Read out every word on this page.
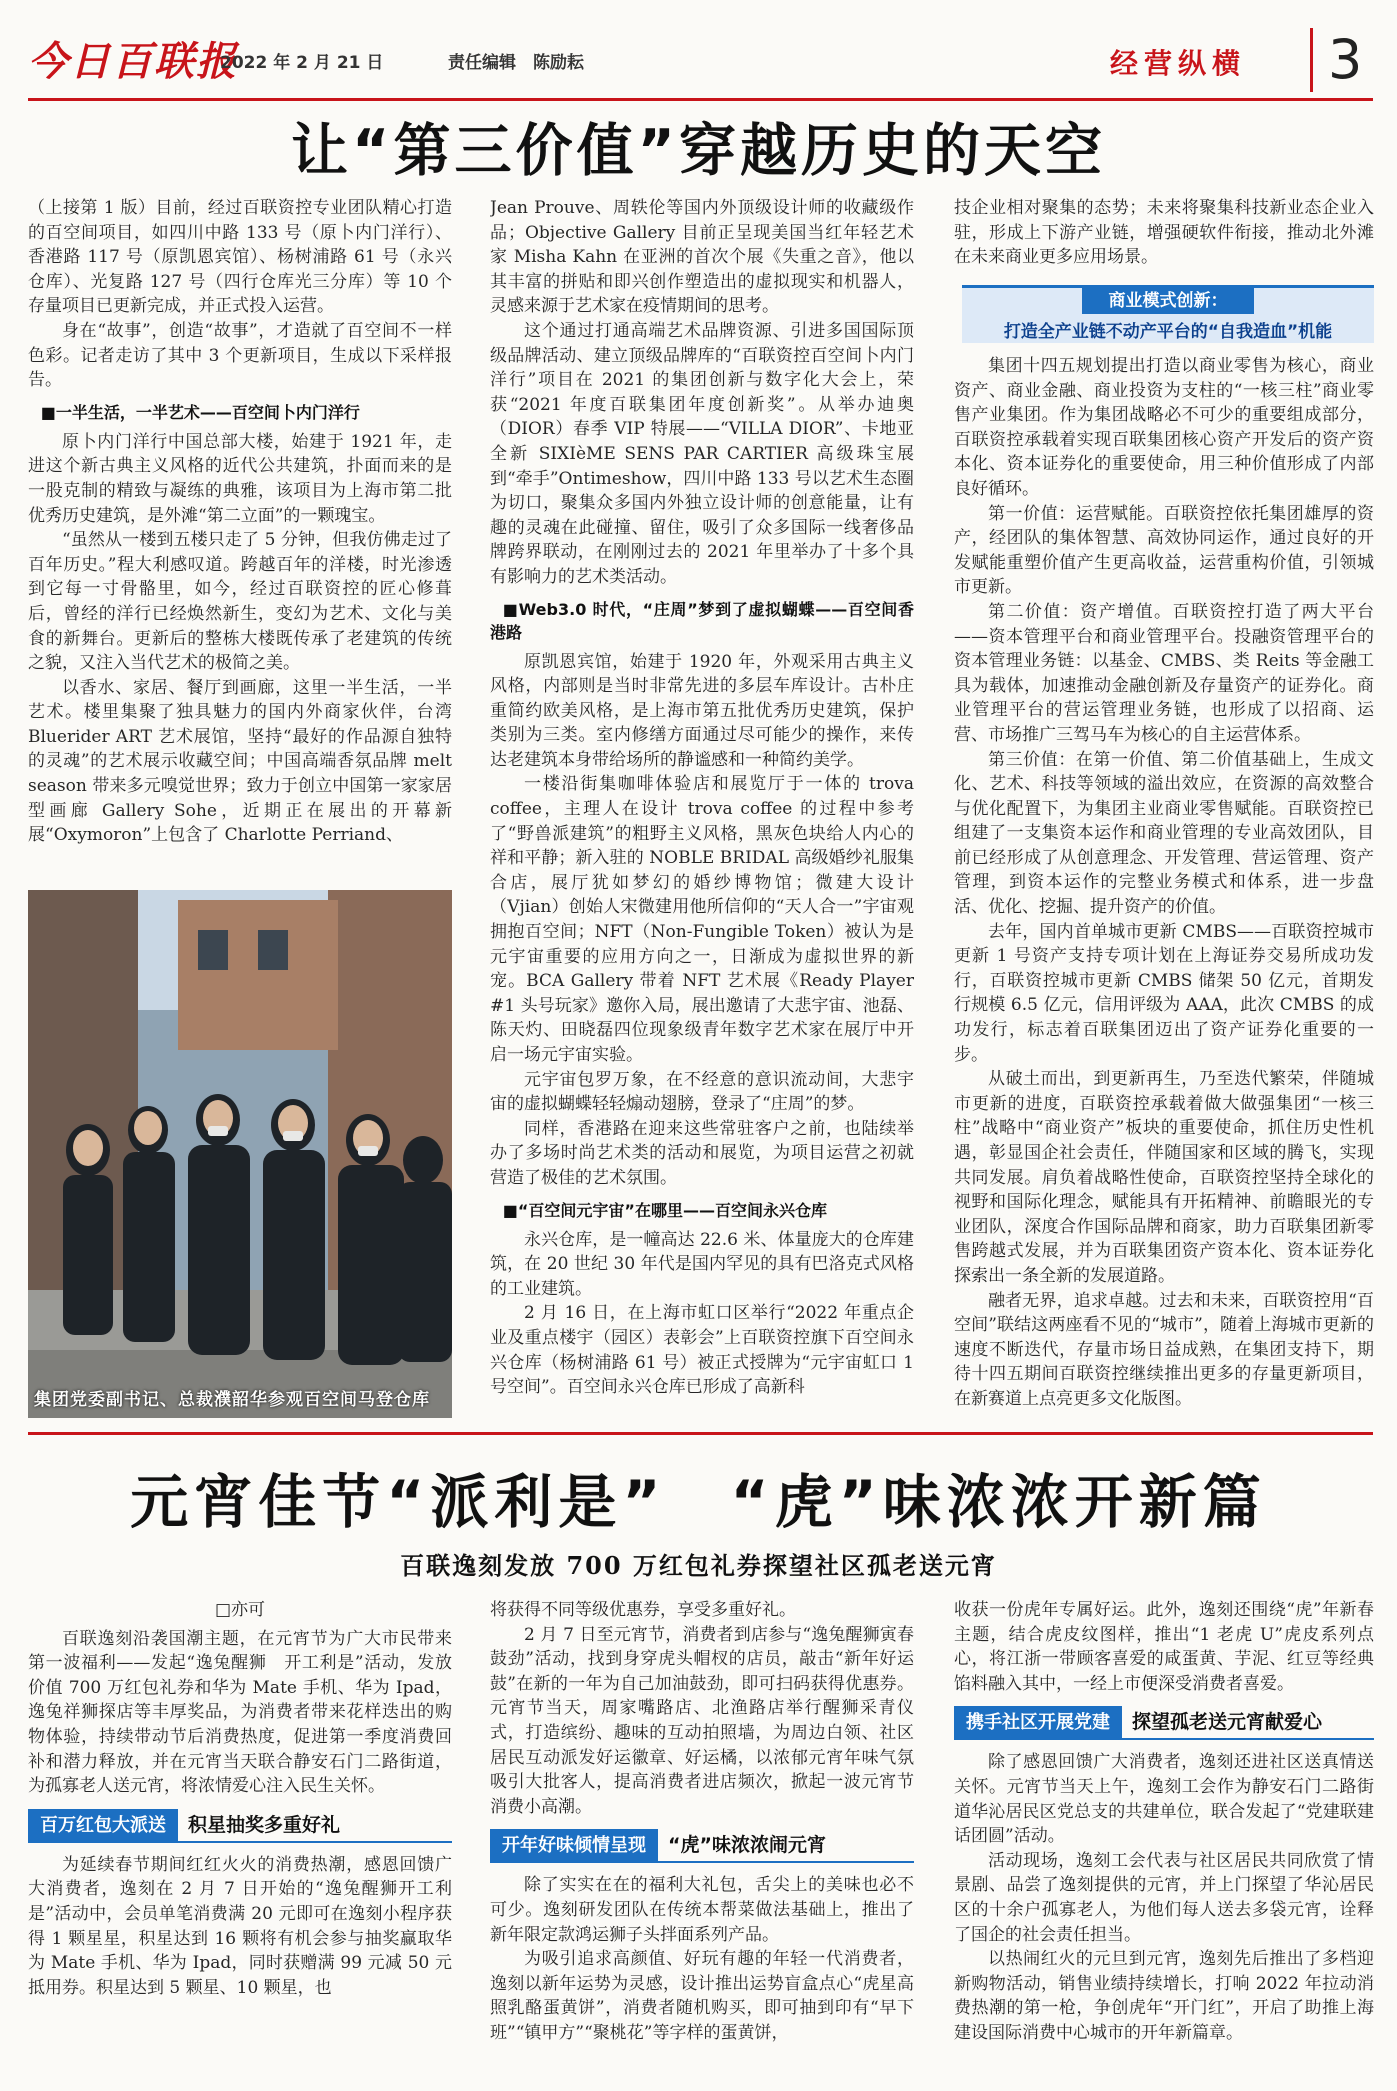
今日百联报
2022 年 2 月 21 日	责任编辑　陈励耘	经营纵横 3
让“第三价值”穿越历史的天空

（上接第 1 版）目前，经过百联资控专业团队精心打造的百空间项目，如四川中路 133 号（原卜内门洋行）、香港路 117 号（原凯恩宾馆）、杨树浦路 61 号（永兴仓库）、光复路 127 号（四行仓库光三分库）等 10 个存量项目已更新完成，并正式投入运营。

身在“故事”，创造“故事”，才造就了百空间不一样色彩。记者走访了其中 3 个更新项目，生成以下采样报告。

■一半生活，一半艺术——百空间卜内门洋行

原卜内门洋行中国总部大楼，始建于 1921 年，走进这个新古典主义风格的近代公共建筑，扑面而来的是一股克制的精致与凝练的典雅，该项目为上海市第二批优秀历史建筑，是外滩“第二立面”的一颗瑰宝。

“虽然从一楼到五楼只走了 5 分钟，但我仿佛走过了百年历史。”程大利感叹道。跨越百年的洋楼，时光渗透到它每一寸骨骼里，如今，经过百联资控的匠心修葺后，曾经的洋行已经焕然新生，变幻为艺术、文化与美食的新舞台。更新后的整栋大楼既传承了老建筑的传统之貌，又注入当代艺术的极简之美。

以香水、家居、餐厅到画廊，这里一半生活，一半艺术。楼里集聚了独具魅力的国内外商家伙伴，台湾 Bluerider ART 艺术展馆，坚持“最好的作品源自独特的灵魂”的艺术展示收藏空间；中国高端香氛品牌 melt season 带来多元嗅觉世界；致力于创立中国第一家家居型画廊 Gallery Sohe，近期正在展出的开幕新展“Oxymoron”上包含了 Charlotte Perriand、

集团党委副书记、总裁濮韶华参观百空间马登仓库

Jean Prouve、周轶伦等国内外顶级设计师的收藏级作品；Objective Gallery 目前正呈现美国当红年轻艺术家 Misha Kahn 在亚洲的首次个展《失重之音》，他以其丰富的拼贴和即兴创作塑造出的虚拟现实和机器人，灵感来源于艺术家在疫情期间的思考。

这个通过打通高端艺术品牌资源、引进多国国际顶级品牌活动、建立顶级品牌库的“百联资控百空间卜内门洋行”项目在 2021 的集团创新与数字化大会上，荣获“2021 年度百联集团年度创新奖”。从举办迪奥（DIOR）春季 VIP 特展——“VILLA DIOR”、卡地亚全新 SIXIèME SENS PAR CARTIER 高级珠宝展到“牵手”Ontimeshow，四川中路 133 号以艺术生态圈为切口，聚集众多国内外独立设计师的创意能量，让有趣的灵魂在此碰撞、留住，吸引了众多国际一线奢侈品牌跨界联动，在刚刚过去的 2021 年里举办了十多个具有影响力的艺术类活动。

■Web3.0 时代，“庄周”梦到了虚拟蝴蝶——百空间香港路

原凯恩宾馆，始建于 1920 年，外观采用古典主义风格，内部则是当时非常先进的多层车库设计。古朴庄重简约欧美风格，是上海市第五批优秀历史建筑，保护类别为三类。室内修缮方面通过尽可能少的操作，来传达老建筑本身带给场所的静谧感和一种简约美学。

一楼沿街集咖啡体验店和展览厅于一体的 trova coffee，主理人在设计 trova coffee 的过程中参考了“野兽派建筑”的粗野主义风格，黑灰色块给人内心的祥和平静；新入驻的 NOBLE BRIDAL 高级婚纱礼服集合店，展厅犹如梦幻的婚纱博物馆；微建大设计（Vjian）创始人宋微建用他所信仰的“天人合一”宇宙观拥抱百空间；NFT（Non-Fungible Token）被认为是元宇宙重要的应用方向之一，日渐成为虚拟世界的新宠。BCA Gallery 带着 NFT 艺术展《Ready Player #1 头号玩家》邀你入局，展出邀请了大悲宇宙、池磊、陈天灼、田晓磊四位现象级青年数字艺术家在展厅中开启一场元宇宙实验。

元宇宙包罗万象，在不经意的意识流动间，大悲宇宙的虚拟蝴蝶轻轻煽动翅膀，登录了“庄周”的梦。

同样，香港路在迎来这些常驻客户之前，也陆续举办了多场时尚艺术类的活动和展览，为项目运营之初就营造了极佳的艺术氛围。

■“百空间元宇宙”在哪里——百空间永兴仓库

永兴仓库，是一幢高达 22.6 米、体量庞大的仓库建筑，在 20 世纪 30 年代是国内罕见的具有巴洛克式风格的工业建筑。

2 月 16 日，在上海市虹口区举行“2022 年重点企业及重点楼宇（园区）表彰会”上百联资控旗下百空间永兴仓库（杨树浦路 61 号）被正式授牌为“元宇宙虹口 1 号空间”。百空间永兴仓库已形成了高新科

技企业相对聚集的态势；未来将聚集科技新业态企业入驻，形成上下游产业链，增强硬软件衔接，推动北外滩在未来商业更多应用场景。

商业模式创新：
打造全产业链不动产平台的“自我造血”机能

集团十四五规划提出打造以商业零售为核心，商业资产、商业金融、商业投资为支柱的“一核三柱”商业零售产业集团。作为集团战略必不可少的重要组成部分，百联资控承载着实现百联集团核心资产开发后的资产资本化、资本证券化的重要使命，用三种价值形成了内部良好循环。

第一价值：运营赋能。百联资控依托集团雄厚的资产，经团队的集体智慧、高效协同运作，通过良好的开发赋能重塑价值产生更高收益，运营重构价值，引领城市更新。

第二价值：资产增值。百联资控打造了两大平台——资本管理平台和商业管理平台。投融资管理平台的资本管理业务链：以基金、CMBS、类 Reits 等金融工具为载体，加速推动金融创新及存量资产的证券化。商业管理平台的营运管理业务链，也形成了以招商、运营、市场推广三驾马车为核心的自主运营体系。

第三价值：在第一价值、第二价值基础上，生成文化、艺术、科技等领域的溢出效应，在资源的高效整合与优化配置下，为集团主业商业零售赋能。百联资控已组建了一支集资本运作和商业管理的专业高效团队，目前已经形成了从创意理念、开发管理、营运管理、资产管理，到资本运作的完整业务模式和体系，进一步盘活、优化、挖掘、提升资产的价值。

去年，国内首单城市更新 CMBS——百联资控城市更新 1 号资产支持专项计划在上海证券交易所成功发行，百联资控城市更新 CMBS 储架 50 亿元，首期发行规模 6.5 亿元，信用评级为 AAA，此次 CMBS 的成功发行，标志着百联集团迈出了资产证券化重要的一步。

从破土而出，到更新再生，乃至迭代繁荣，伴随城市更新的进度，百联资控承载着做大做强集团“一核三柱”战略中“商业资产”板块的重要使命，抓住历史性机遇，彰显国企社会责任，伴随国家和区域的腾飞，实现共同发展。肩负着战略性使命，百联资控坚持全球化的视野和国际化理念，赋能具有开拓精神、前瞻眼光的专业团队，深度合作国际品牌和商家，助力百联集团新零售跨越式发展，并为百联集团资产资本化、资本证券化探索出一条全新的发展道路。

融者无界，追求卓越。过去和未来，百联资控用“百空间”联结这两座看不见的“城市”，随着上海城市更新的速度不断迭代，存量市场日益成熟，在集团支持下，期待十四五期间百联资控继续推出更多的存量更新项目，在新赛道上点亮更多文化版图。

元宵佳节“派利是”　“虎”味浓浓开新篇
百联逸刻发放 700 万红包礼券探望社区孤老送元宵
□亦可

百联逸刻沿袭国潮主题，在元宵节为广大市民带来第一波福利——发起“逸兔醒狮　开工利是”活动，发放价值 700 万红包礼券和华为 Mate 手机、华为 Ipad，逸兔祥狮探店等丰厚奖品，为消费者带来花样迭出的购物体验，持续带动节后消费热度，促进第一季度消费回补和潜力释放，并在元宵当天联合静安石门二路街道，为孤寡老人送元宵，将浓情爱心注入民生关怀。

百万红包大派送	积星抽奖多重好礼

为延续春节期间红红火火的消费热潮，感恩回馈广大消费者，逸刻在 2 月 7 日开始的“逸兔醒狮开工利是”活动中，会员单笔消费满 20 元即可在逸刻小程序获得 1 颗星星，积星达到 16 颗将有机会参与抽奖赢取华为 Mate 手机、华为 Ipad，同时获赠满 99 元减 50 元抵用券。积星达到 5 颗星、10 颗星，也

将获得不同等级优惠券，享受多重好礼。

2 月 7 日至元宵节，消费者到店参与“逸兔醒狮寅春鼓劲”活动，找到身穿虎头帽杈的店员，敲击“新年好运鼓”在新的一年为自己加油鼓劲，即可扫码获得优惠券。元宵节当天，周家嘴路店、北渔路店举行醒狮采青仪式，打造缤纷、趣味的互动拍照墙，为周边白领、社区居民互动派发好运徽章、好运橘，以浓郁元宵年味气氛吸引大批客人，提高消费者进店频次，掀起一波元宵节消费小高潮。

开年好味倾情呈现	“虎”味浓浓闹元宵

除了实实在在的福利大礼包，舌尖上的美味也必不可少。逸刻研发团队在传统本帮菜做法基础上，推出了新年限定款鸿运狮子头拌面系列产品。

为吸引追求高颜值、好玩有趣的年轻一代消费者，逸刻以新年运势为灵感，设计推出运势盲盒点心“虎星高照乳酪蛋黄饼”，消费者随机购买，即可抽到印有“早下班”“镇甲方”“聚桃花”等字样的蛋黄饼，

收获一份虎年专属好运。此外，逸刻还围绕“虎”年新春主题，结合虎皮纹图样，推出“1 老虎 U”虎皮系列点心，将江浙一带顾客喜爱的咸蛋黄、芋泥、红豆等经典馅料融入其中，一经上市便深受消费者喜爱。

携手社区开展党建	探望孤老送元宵献爱心

除了感恩回馈广大消费者，逸刻还进社区送真情送关怀。元宵节当天上午，逸刻工会作为静安石门二路街道华沁居民区党总支的共建单位，联合发起了“党建联建话团圆”活动。

活动现场，逸刻工会代表与社区居民共同欣赏了情景剧、品尝了逸刻提供的元宵，并上门探望了华沁居民区的十余户孤寡老人，为他们每人送去多袋元宵，诠释了国企的社会责任担当。

以热闹红火的元旦到元宵，逸刻先后推出了多档迎新购物活动，销售业绩持续增长，打响 2022 年拉动消费热潮的第一枪，争创虎年“开门红”，开启了助推上海建设国际消费中心城市的开年新篇章。
